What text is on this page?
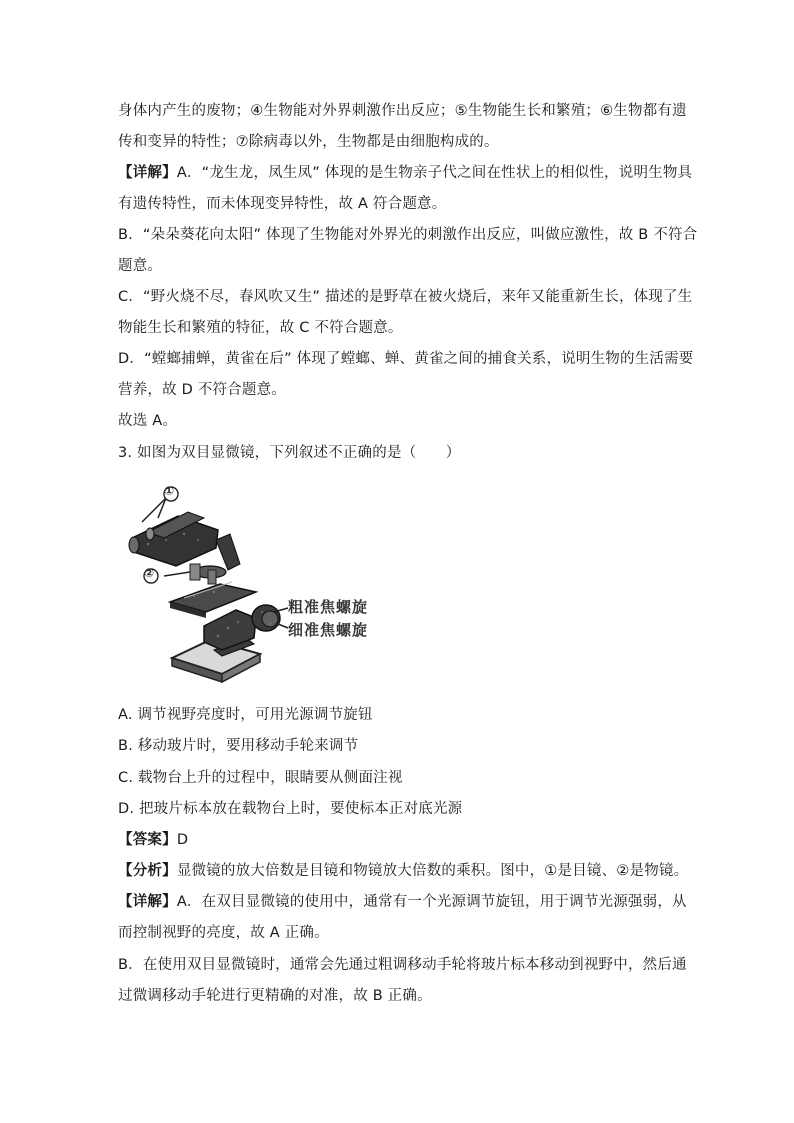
身体内产生的废物；④生物能对外界刺激作出反应；⑤生物能生长和繁殖；⑥生物都有遗
传和变异的特性；⑦除病毒以外，生物都是由细胞构成的。
【详解】A．“龙生龙，凤生凤” 体现的是生物亲子代之间在性状上的相似性，说明生物具
有遗传特性，而未体现变异特性，故 A 符合题意。
B．“朵朵葵花向太阳” 体现了生物能对外界光的刺激作出反应，叫做应激性，故 B 不符合
题意。
C．“野火烧不尽，春风吹又生” 描述的是野草在被火烧后，来年又能重新生长，体现了生
物能生长和繁殖的特征，故 C 不符合题意。
D．“螳螂捕蝉，黄雀在后” 体现了螳螂、蝉、黄雀之间的捕食关系，说明生物的生活需要
营养，故 D 不符合题意。
故选 A。
3. 如图为双目显微镜，下列叙述不正确的是（　　）
①
②
粗准焦螺旋
细准焦螺旋
A. 调节视野亮度时，可用光源调节旋钮
B. 移动玻片时，要用移动手轮来调节
C. 载物台上升的过程中，眼睛要从侧面注视
D. 把玻片标本放在载物台上时，要使标本正对底光源
【答案】D
【分析】显微镜的放大倍数是目镜和物镜放大倍数的乘积。图中，①是目镜、②是物镜。
【详解】A．在双目显微镜的使用中，通常有一个光源调节旋钮，用于调节光源强弱，从
而控制视野的亮度，故 A 正确。
B．在使用双目显微镜时，通常会先通过粗调移动手轮将玻片标本移动到视野中，然后通
过微调移动手轮进行更精确的对准，故 B 正确。
